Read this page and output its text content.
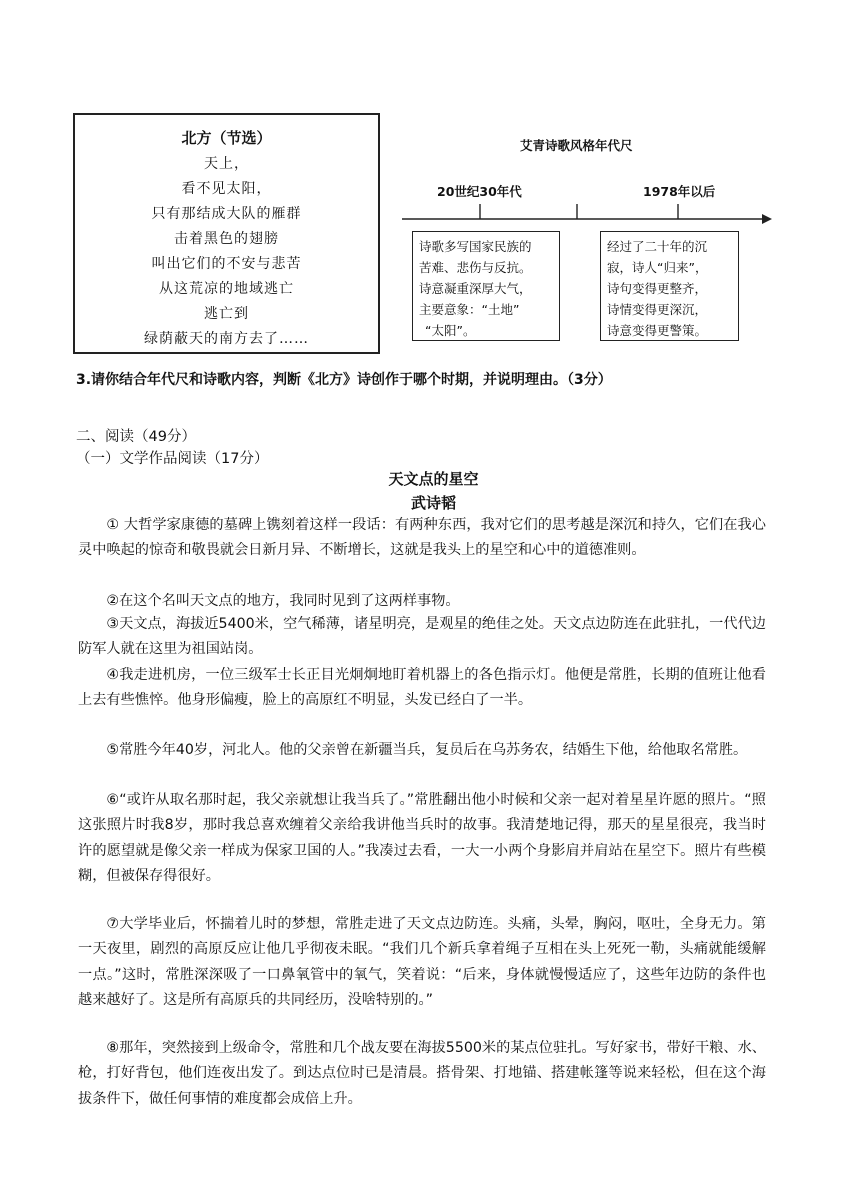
北方（节选）
天上，
看不见太阳，
只有那结成大队的雁群
击着黑色的翅膀
叫出它们的不安与悲苦
从这荒凉的地域逃亡
逃亡到
绿荫蔽天的南方去了……
艾青诗歌风格年代尺
20世纪30年代	1978年以后
诗歌多写国家民族的
苦难、悲伤与反抗。
诗意凝重深厚大气，
主要意象：“土地”
“太阳”。
经过了二十年的沉
寂，诗人“归来”，
诗句变得更整齐，
诗情变得更深沉，
诗意变得更警策。
3.请你结合年代尺和诗歌内容，判断《北方》诗创作于哪个时期，并说明理由。（3分）
二、阅读（49分）
（一）文学作品阅读（17分）
天文点的星空
武诗韬

① 大哲学家康德的墓碑上镌刻着这样一段话：有两种东西，我对它们的思考越是深沉和持久，它们在我心灵中唤起的惊奇和敬畏就会日新月异、不断增长，这就是我头上的星空和心中的道德准则。

②在这个名叫天文点的地方，我同时见到了这两样事物。

③天文点，海拔近5400米，空气稀薄，诸星明亮，是观星的绝佳之处。天文点边防连在此驻扎，一代代边防军人就在这里为祖国站岗。

④我走进机房，一位三级军士长正目光炯炯地盯着机器上的各色指示灯。他便是常胜，长期的值班让他看上去有些憔悴。他身形偏瘦，脸上的高原红不明显，头发已经白了一半。

⑤常胜今年40岁，河北人。他的父亲曾在新疆当兵，复员后在乌苏务农，结婚生下他，给他取名常胜。

⑥“或许从取名那时起，我父亲就想让我当兵了。”常胜翻出他小时候和父亲一起对着星星许愿的照片。“照这张照片时我8岁，那时我总喜欢缠着父亲给我讲他当兵时的故事。我清楚地记得，那天的星星很亮，我当时许的愿望就是像父亲一样成为保家卫国的人。”我凑过去看，一大一小两个身影肩并肩站在星空下。照片有些模糊，但被保存得很好。

⑦大学毕业后，怀揣着儿时的梦想，常胜走进了天文点边防连。头痛，头晕，胸闷，呕吐，全身无力。第一天夜里，剧烈的高原反应让他几乎彻夜未眠。“我们几个新兵拿着绳子互相在头上死死一勒，头痛就能缓解一点。”这时，常胜深深吸了一口鼻氧管中的氧气，笑着说：“后来，身体就慢慢适应了，这些年边防的条件也越来越好了。这是所有高原兵的共同经历，没啥特别的。”

⑧那年，突然接到上级命令，常胜和几个战友要在海拔5500米的某点位驻扎。写好家书，带好干粮、水、枪，打好背包，他们连夜出发了。到达点位时已是清晨。搭骨架、打地锚、搭建帐篷等说来轻松，但在这个海拔条件下，做任何事情的难度都会成倍上升。
